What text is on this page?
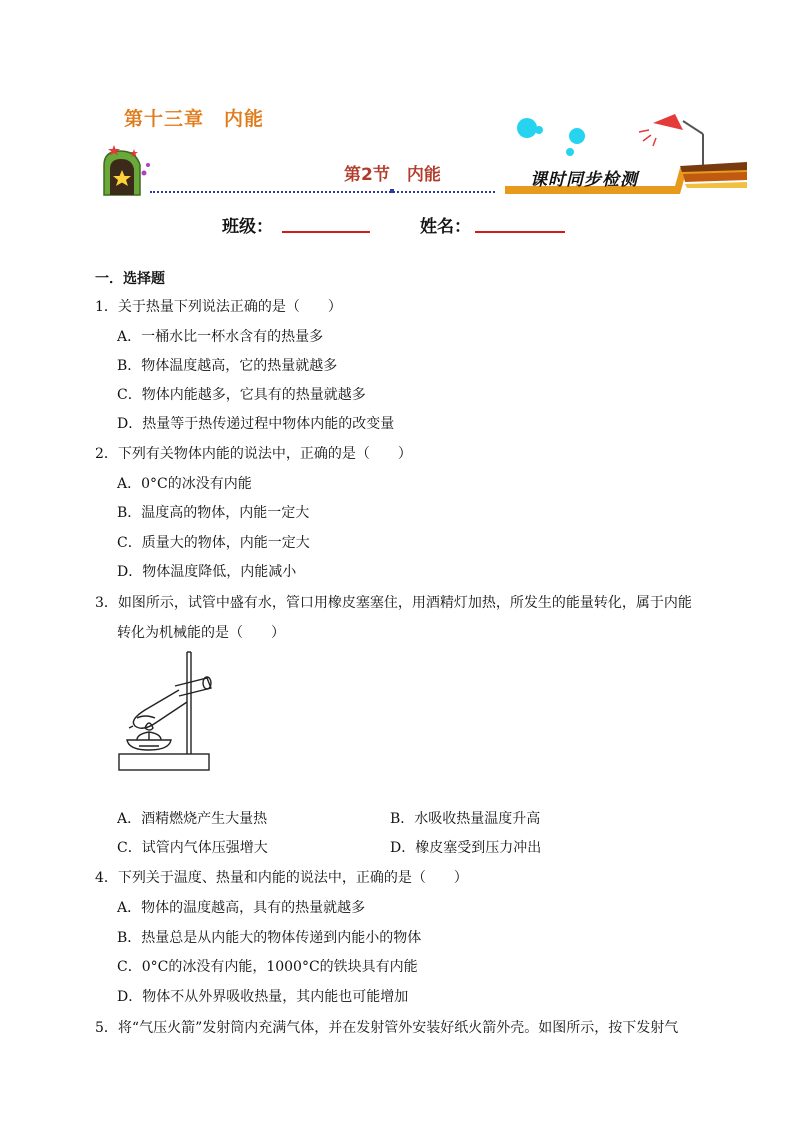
第十三章　内能
第2节　内能	课时同步检测
班级：	姓名：
一．选择题
1．关于热量下列说法正确的是（　　）
A．一桶水比一杯水含有的热量多
B．物体温度越高，它的热量就越多
C．物体内能越多，它具有的热量就越多
D．热量等于热传递过程中物体内能的改变量
2．下列有关物体内能的说法中，正确的是（　　）
A．0°C的冰没有内能
B．温度高的物体，内能一定大
C．质量大的物体，内能一定大
D．物体温度降低，内能减小
3．如图所示，试管中盛有水，管口用橡皮塞塞住，用酒精灯加热，所发生的能量转化，属于内能
转化为机械能的是（　　）
A．酒精燃烧产生大量热	B．水吸收热量温度升高
C．试管内气体压强增大	D．橡皮塞受到压力冲出
4．下列关于温度、热量和内能的说法中，正确的是（　　）
A．物体的温度越高，具有的热量就越多
B．热量总是从内能大的物体传递到内能小的物体
C．0°C的冰没有内能，1000°C的铁块具有内能
D．物体不从外界吸收热量，其内能也可能增加
5．将“气压火箭”发射筒内充满气体，并在发射管外安装好纸火箭外壳。如图所示，按下发射气
